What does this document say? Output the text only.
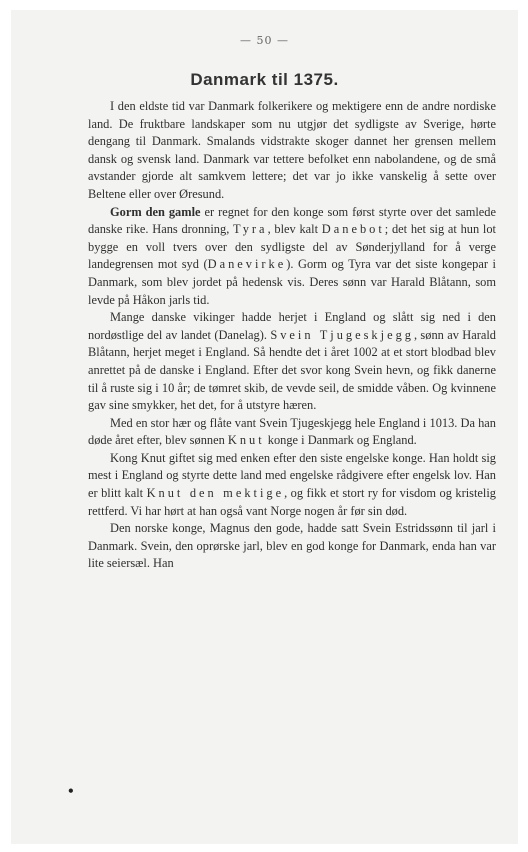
— 50 —
Danmark til 1375.

I den eldste tid var Danmark folkerikere og mektigere enn de andre nordiske land. De fruktbare landskaper som nu utgjør det sydligste av Sverige, hørte dengang til Danmark. Smalands vidstrakte skoger dannet her grensen mellem dansk og svensk land. Danmark var tettere befolket enn nabolandene, og de små avstander gjorde alt samkvem lettere; det var jo ikke vanskelig å sette over Beltene eller over Øresund.

Gorm den gamle er regnet for den konge som først styrte over det samlede danske rike. Hans dronning, Tyra, blev kalt Danebot; det het sig at hun lot bygge en voll tvers over den sydligste del av Sønderjylland for å verge landegrensen mot syd (Danevirke). Gorm og Tyra var det siste kongepar i Danmark, som blev jordet på hedensk vis. Deres sønn var Harald Blåtann, som levde på Håkon jarls tid.

Mange danske vikinger hadde herjet i England og slått sig ned i den nordøstlige del av landet (Danelag). Svein Tjugeskjegg, sønn av Harald Blåtann, herjet meget i England. Så hendte det i året 1002 at et stort blodbad blev anrettet på de danske i England. Efter det svor kong Svein hevn, og fikk danerne til å ruste sig i 10 år; de tømret skib, de vevde seil, de smidde våben. Og kvinnene gav sine smykker, het det, for å utstyre hæren.

Med en stor hær og flåte vant Svein Tjugeskjegg hele England i 1013. Da han døde året efter, blev sønnen Knut konge i Danmark og England.

Kong Knut giftet sig med enken efter den siste engelske konge. Han holdt sig mest i England og styrte dette land med engelske rådgivere efter engelsk lov. Han er blitt kalt Knut den mektige, og fikk et stort ry for visdom og kristelig rettferd. Vi har hørt at han også vant Norge nogen år før sin død.

Den norske konge, Magnus den gode, hadde satt Svein Estridssønn til jarl i Danmark. Svein, den oprørske jarl, blev en god konge for Danmark, enda han var lite seiersæl. Han

•
